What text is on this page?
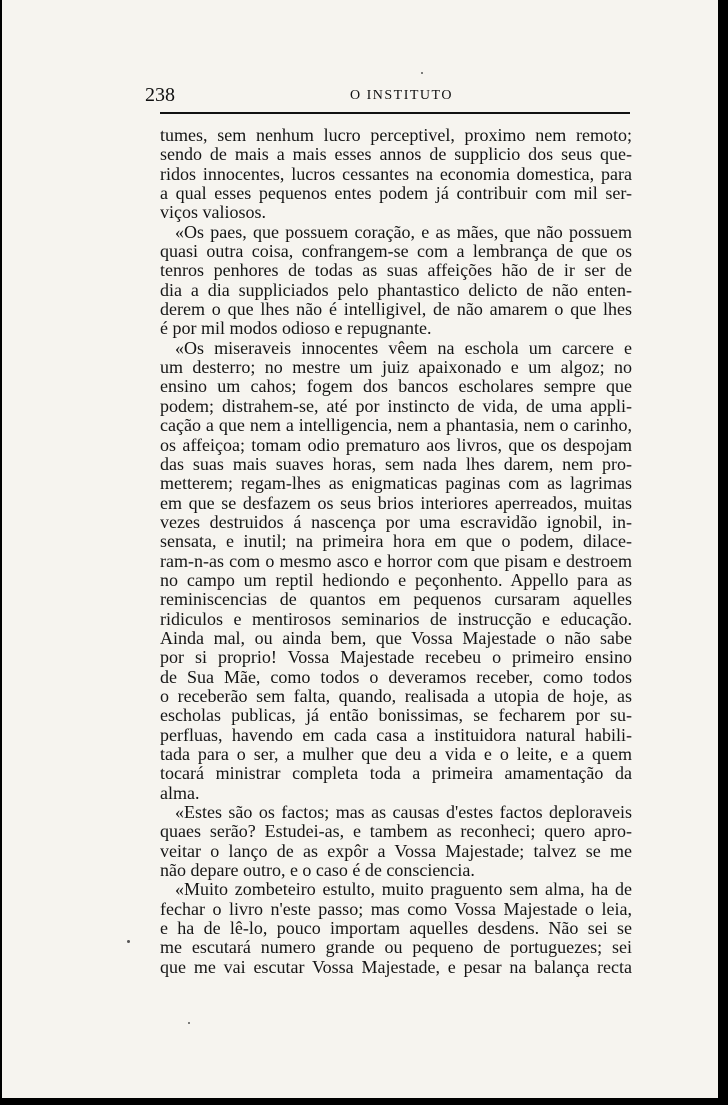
238	O INSTITUTO
tumes, sem nenhum lucro perceptivel, proximo nem remoto;
sendo de mais a mais esses annos de supplicio dos seus que-
ridos innocentes, lucros cessantes na economia domestica, para
a qual esses pequenos entes podem já contribuir com mil ser-
viços valiosos.
«Os paes, que possuem coração, e as mães, que não possuem
quasi outra coisa, confrangem-se com a lembrança de que os
tenros penhores de todas as suas affeições hão de ir ser de
dia a dia suppliciados pelo phantastico delicto de não enten-
derem o que lhes não é intelligivel, de não amarem o que lhes
é por mil modos odioso e repugnante.
«Os miseraveis innocentes vêem na eschola um carcere e
um desterro; no mestre um juiz apaixonado e um algoz; no
ensino um cahos; fogem dos bancos escholares sempre que
podem; distrahem-se, até por instincto de vida, de uma appli-
cação a que nem a intelligencia, nem a phantasia, nem o carinho,
os affeiçoa; tomam odio prematuro aos livros, que os despojam
das suas mais suaves horas, sem nada lhes darem, nem pro-
metterem; regam-lhes as enigmaticas paginas com as lagrimas
em que se desfazem os seus brios interiores aperreados, muitas
vezes destruidos á nascença por uma escravidão ignobil, in-
sensata, e inutil; na primeira hora em que o podem, dilace-
ram-n-as com o mesmo asco e horror com que pisam e destroem
no campo um reptil hediondo e peçonhento. Appello para as
reminiscencias de quantos em pequenos cursaram aquelles
ridiculos e mentirosos seminarios de instrucção e educação.
Ainda mal, ou ainda bem, que Vossa Majestade o não sabe
por si proprio! Vossa Majestade recebeu o primeiro ensino
de Sua Mãe, como todos o deveramos receber, como todos
o receberão sem falta, quando, realisada a utopia de hoje, as
escholas publicas, já então bonissimas, se fecharem por su-
perfluas, havendo em cada casa a instituidora natural habili-
tada para o ser, a mulher que deu a vida e o leite, e a quem
tocará ministrar completa toda a primeira amamentação da
alma.
«Estes são os factos; mas as causas d'estes factos deploraveis
quaes serão? Estudei-as, e tambem as reconheci; quero apro-
veitar o lanço de as expôr a Vossa Majestade; talvez se me
não depare outro, e o caso é de consciencia.
«Muito zombeteiro estulto, muito praguento sem alma, ha de
fechar o livro n'este passo; mas como Vossa Majestade o leia,
e ha de lê-lo, pouco importam aquelles desdens. Não sei se
me escutará numero grande ou pequeno de portuguezes; sei
que me vai escutar Vossa Majestade, e pesar na balança recta
